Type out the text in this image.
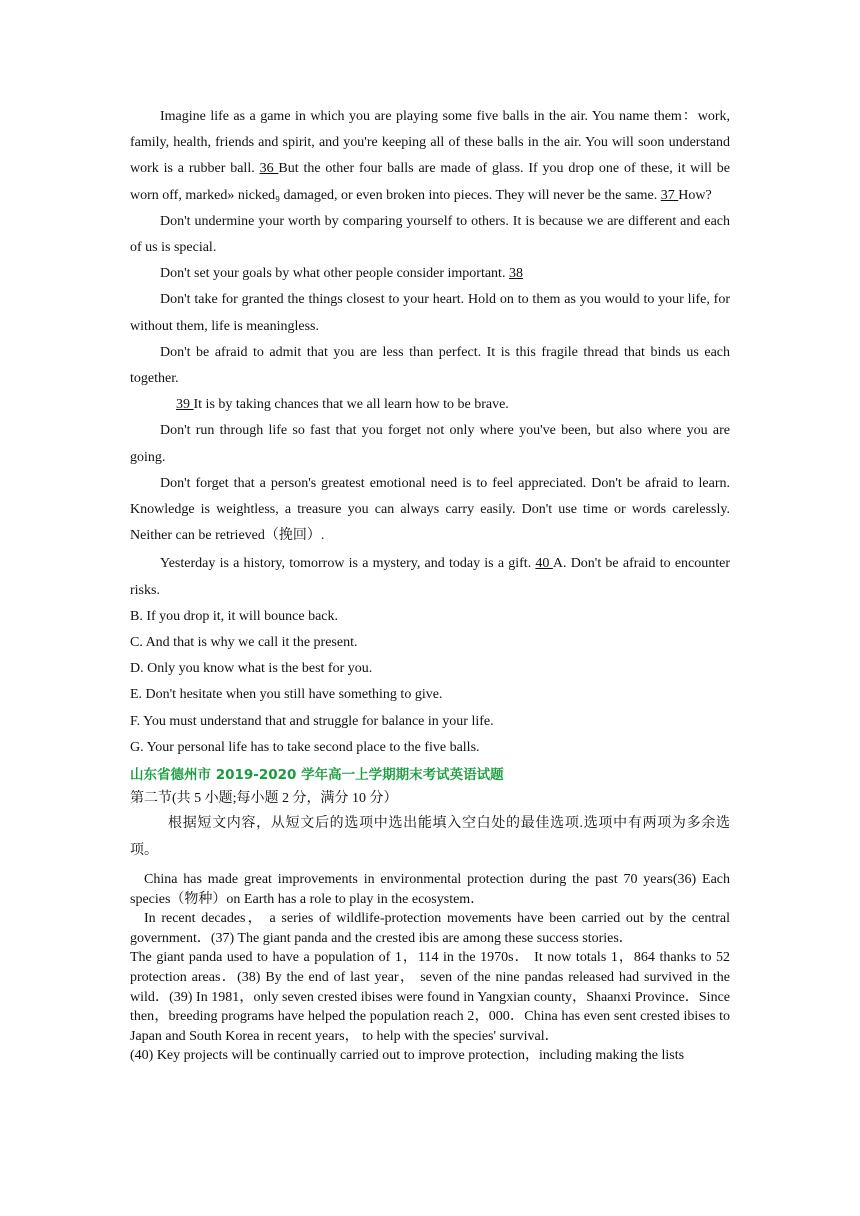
Imagine life as a game in which you are playing some five balls in the air. You name them：work, family, health, friends and spirit, and you're keeping all of these balls in the air. You will soon understand work is a rubber ball. 36 But the other four balls are made of glass. If you drop one of these, it will be worn off, marked» nicked₉ damaged, or even broken into pieces. They will never be the same. 37 How?

Don't undermine your worth by comparing yourself to others. It is because we are different and each of us is special.

Don't set your goals by what other people consider important. 38

Don't take for granted the things closest to your heart. Hold on to them as you would to your life, for without them, life is meaningless.

Don't be afraid to admit that you are less than perfect. It is this fragile thread that binds us each together.

39 It is by taking chances that we all learn how to be brave.

Don't run through life so fast that you forget not only where you've been, but also where you are going.

Don't forget that a person's greatest emotional need is to feel appreciated. Don't be afraid to learn. Knowledge is weightless, a treasure you can always carry easily. Don't use time or words carelessly. Neither can be retrieved（挽回）.

Yesterday is a history, tomorrow is a mystery, and today is a gift. 40 A. Don't be afraid to encounter risks.

B. If you drop it, it will bounce back.

C. And that is why we call it the present.

D. Only you know what is the best for you.

E. Don't hesitate when you still have something to give.

F. You must understand that and struggle for balance in your life.

G. Your personal life has to take second place to the five balls.

山东省德州市 2019-2020 学年高一上学期期末考试英语试题

第二节(共 5 小题;每小题 2 分，满分 10 分）

根据短文内容，从短文后的选项中选出能填入空白处的最佳选项.选项中有两项为多余选项。

China has made great improvements in environmental protection during the past 70 years(36) Each species（物种）on Earth has a role to play in the ecosystem．

In recent decades， a series of wildlife-protection movements have been carried out by the central government．(37) The giant panda and the crested ibis are among these success stories．

The giant panda used to have a population of 1，114 in the 1970s． It now totals 1，864 thanks to 52 protection areas．(38) By the end of last year， seven of the nine pandas released had survived in the wild．(39) In 1981，only seven crested ibises were found in Yangxian county，Shaanxi Province．Since then，breeding programs have helped the population reach 2，000．China has even sent crested ibises to Japan and South Korea in recent years， to help with the species' survival．

(40) Key projects will be continually carried out to improve protection，including making the lists
